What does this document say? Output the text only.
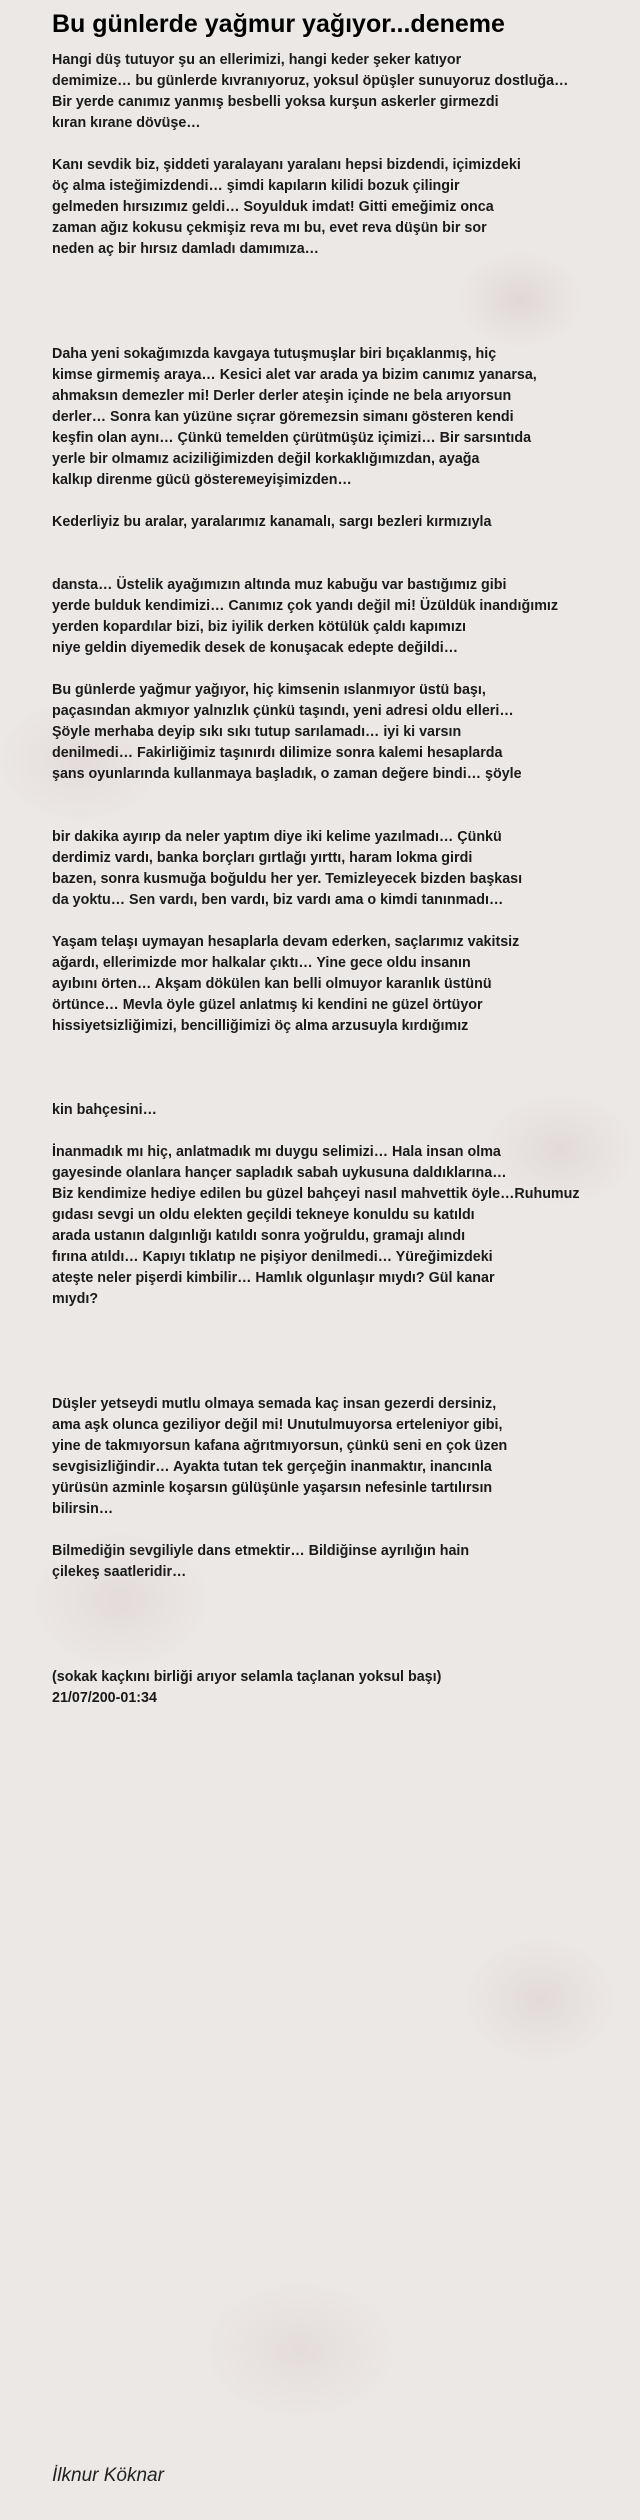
Bu günlerde yağmur yağıyor...deneme
Hangi düş tutuyor şu an ellerimizi, hangi keder şeker katıyor
demimize… bu günlerde kıvranıyoruz, yoksul öpüşler sunuyoruz dostluğa…
Bir yerde canımız yanmış besbelli yoksa kurşun askerler girmezdi
kıran kırane dövüşe…
Kanı sevdik biz, şiddeti yaralayanı yaralanı hepsi bizdendi, içimizdeki
öç alma isteğimizdendi… şimdi kapıların kilidi bozuk çilingir
gelmeden hırsızımız geldi… Soyulduk imdat! Gitti emeğimiz onca
zaman ağız kokusu çekmişiz reva mı bu, evet reva düşün bir sor
neden aç bir hırsız damladı damımıza…
Daha yeni sokağımızda kavgaya tutuşmuşlar biri bıçaklanmış, hiç
kimse girmemiş araya… Kesici alet var arada ya bizim canımız yanarsa,
ahmaksın demezler mi! Derler derler ateşin içinde ne bela arıyorsun
derler… Sonra kan yüzüne sıçrar göremezsin simanı gösteren kendi
keşfin olan aynı… Çünkü temelden çürütmüşüz içimizi… Bir sarsıntıda
yerle bir olmamız aciziliğimizden değil korkaklığımızdan, ayağa
kalkıp direnme gücü göstereмeyişimizden…
Kederliyiz bu aralar, yaralarımız kanamalı, sargı bezleri kırmızıyla
dansta… Üstelik ayağımızın altında muz kabuğu var bastığımız gibi
yerde bulduk kendimizi… Canımız çok yandı değil mi! Üzüldük inandığımız
yerden kopardılar bizi, biz iyilik derken kötülük çaldı kapımızı
niye geldin diyemedik desek de konuşacak edepte değildi…
Bu günlerde yağmur yağıyor, hiç kimsenin ıslanmıyor üstü başı,
paçasından akmıyor yalnızlık çünkü taşındı, yeni adresi oldu elleri…
Şöyle merhaba deyip sıkı sıkı tutup sarılamadı… iyi ki varsın
denilmedi… Fakirliğimiz taşınırdı dilimize sonra kalemi hesaplarda
şans oyunlarında kullanmaya başladık, o zaman değere bindi… şöyle
bir dakika ayırıp da neler yaptım diye iki kelime yazılmadı… Çünkü
derdimiz vardı, banka borçları gırtlağı yırttı, haram lokma girdi
bazen, sonra kusmuğa boğuldu her yer. Temizleyecek bizden başkası
da yoktu… Sen vardı, ben vardı, biz vardı ama o kimdi tanınmadı…
Yaşam telaşı uymayan hesaplarla devam ederken, saçlarımız vakitsiz
ağardı, ellerimizde mor halkalar çıktı… Yine gece oldu insanın
ayıbını örten… Akşam dökülen kan belli olmuyor karanlık üstünü
örtünce… Mevla öyle güzel anlatmış ki kendini ne güzel örtüyor
hissiyetsizliğimizi, bencilliğimizi öç alma arzusuyla kırdığımız
kin bahçesini…
İnanmadık mı hiç, anlatmadık mı duygu selimizi… Hala insan olma
gayesinde olanlara hançer sapladık sabah uykusuna daldıklarına…
Biz kendimize hediye edilen bu güzel bahçeyi nasıl mahvettik öyle…Ruhumuz
gıdası sevgi un oldu elekten geçildi tekneye konuldu su katıldı
arada ustanın dalgınlığı katıldı sonra yoğruldu, gramajı alındı
fırına atıldı… Kapıyı tıklatıp ne pişiyor denilmedi… Yüreğimizdeki
ateşte neler pişerdi kimbilir… Hamlık olgunlaşır mıydı? Gül kanar
mıydı?
Düşler yetseydi mutlu olmaya semada kaç insan gezerdi dersiniz,
ama aşk olunca geziliyor değil mi! Unutulmuyorsa erteleniyor gibi,
yine de takmıyorsun kafana ağrıtmıyorsun, çünkü seni en çok üzen
sevgisizliğindir… Ayakta tutan tek gerçeğin inanmaktır, inancınla
yürüsün azminle koşarsın gülüşünle yaşarsın nefesinle tartılırsın
bilirsin…
Bilmediğin sevgiliyle dans etmektir… Bildiğinse ayrılığın hain
çilekeş saatleridir…
(sokak kaçkını birliği arıyor selamla taçlanan yoksul başı)
21/07/200-01:34
İlknur Köknar
